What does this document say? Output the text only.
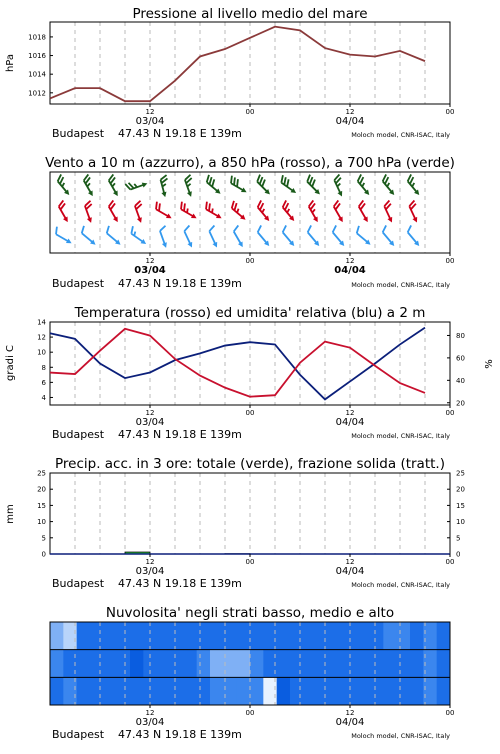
Pressione al livello medio del mare
1012
1014
1016
1018
hPa
12	00	12	00
03/04	04/04
Budapest 47.43 N 19.18 E 139m	Moloch model, CNR-ISAC, Italy
Vento a 10 m (azzurro), a 850 hPa (rosso), a 700 hPa (verde)
12	00	12	00
03/04	04/04
Budapest 47.43 N 19.18 E 139m	Moloch model, CNR-ISAC, Italy
Temperatura (rosso) ed umidita' relativa (blu) a 2 m
4
6
8
10
12
14
20
40
60
80
gradi C	%
12	00	12	00
03/04	04/04
Budapest 47.43 N 19.18 E 139m	Moloch model, CNR-ISAC, Italy
Precip. acc. in 3 ore: totale (verde), frazione solida (tratt.)
0	0
5	5
10	10
15	15
20	20
25	25
mm
12	00	12	00
03/04	04/04
Budapest 47.43 N 19.18 E 139m	Moloch model, CNR-ISAC, Italy
Nuvolosita' negli strati basso, medio e alto
12	00	12	00
03/04	04/04
Budapest 47.43 N 19.18 E 139m	Moloch model, CNR-ISAC, Italy
